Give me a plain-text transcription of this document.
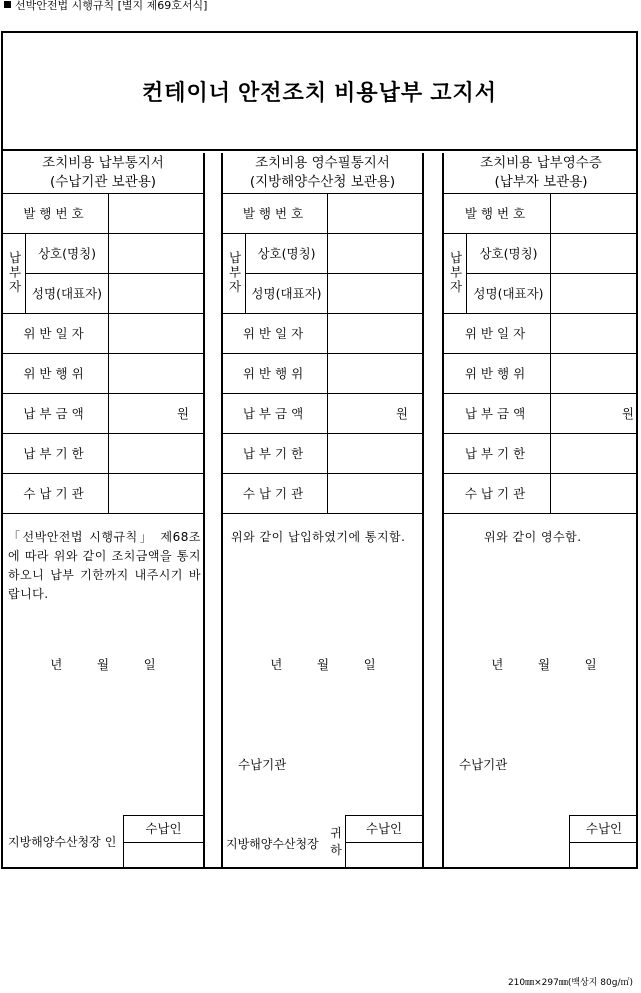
선박안전법 시행규칙 [별지 제69호서식]
컨테이너 안전조치 비용납부 고지서
조치비용 납부통지서
(수납기관 보관용)
발행번호
납부자	상호(명칭)
성명(대표자)
위반일자
위반행위
납부금액	원
납부기한
수납기관
「선박안전법 시행규칙」 제68조에 따라 위와 같이 조치금액을 통지하오니 납부 기한까지 내주시기 바랍니다.
년	월	일
지방해양수산청장 인
수납인
조치비용 영수필통지서
(지방해양수산청 보관용)
발행번호
납부자	상호(명칭)
성명(대표자)
위반일자
위반행위
납부금액	원
납부기한
수납기관
위와 같이 납입하였기에 통지함.
년	월	일
수납기관
지방해양수산청장
귀하
수납인
조치비용 납부영수증
(납부자 보관용)
발행번호
납부자	상호(명칭)
성명(대표자)
위반일자
위반행위
납부금액	원
납부기한
수납기관
위와 같이 영수함.
년	월	일
수납기관
수납인
210㎜×297㎜(백상지 80g/㎡)
